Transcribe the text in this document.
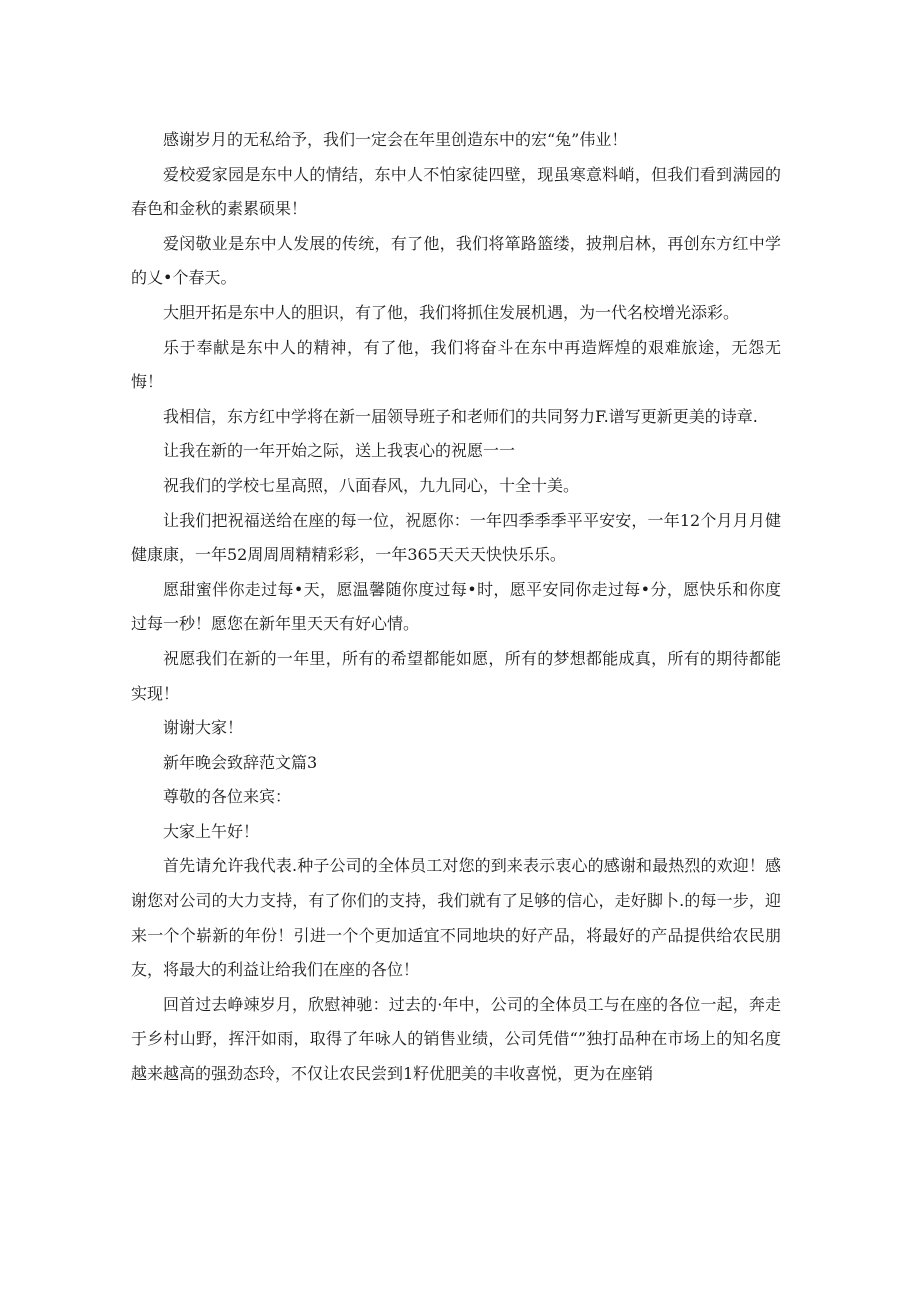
感谢岁月的无私给予，我们一定会在年里创造东中的宏“兔”伟业！

爱校爱家园是东中人的情结，东中人不怕家徒四壁，现虽寒意料峭，但我们看到满园的春色和金秋的素累硕果！

爱闵敬业是东中人发展的传统，有了他，我们将箪路篮缕，披荆启林，再创东方红中学的乂•个春天。

大胆开拓是东中人的胆识，有了他，我们将抓住发展机遇，为一代名校增光添彩。

乐于奉献是东中人的精神，有了他，我们将奋斗在东中再造辉煌的艰难旅途，无怨无悔！

我相信，东方红中学将在新一届领导班子和老师们的共同努力F.谱写更新更美的诗章.

让我在新的一年开始之际，送上我衷心的祝愿一一

祝我们的学校七星高照，八面春风，九九同心，十全十美。

让我们把祝福送给在座的每一位，祝愿你：一年四季季季平平安安，一年12个月月月健健康康，一年52周周周精精彩彩，一年365天天天快快乐乐。

愿甜蜜伴你走过每•天，愿温馨随你度过每•时，愿平安同你走过每•分，愿快乐和你度过每一秒！愿您在新年里天天有好心情。

祝愿我们在新的一年里，所有的希望都能如愿，所有的梦想都能成真，所有的期待都能实现！

谢谢大家！

新年晚会致辞范文篇3

尊敬的各位来宾：

大家上午好！

首先请允许我代表.种子公司的全体员工对您的到来表示衷心的感谢和最热烈的欢迎！感谢您对公司的大力支持，有了你们的支持，我们就有了足够的信心，走好脚卜.的每一步，迎来一个个崭新的年份！引进一个个更加适宜不同地块的好产品，将最好的产品提供给农民朋友，将最大的利益让给我们在座的各位！

回首过去峥竦岁月，欣慰神驰：过去的·年中，公司的全体员工与在座的各位一起，奔走于乡村山野，挥汗如雨，取得了年咏人的销售业绩，公司凭借“”独打品种在市场上的知名度越来越高的强劲态玲，不仅让农民尝到1籽优肥美的丰收喜悦，更为在座销
